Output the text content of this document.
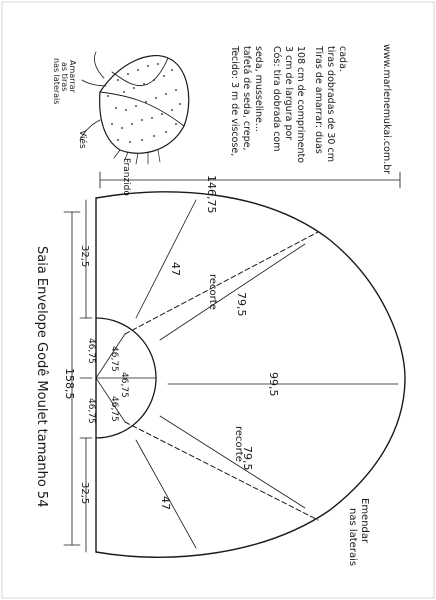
146,75
158,5
32,5
32,5
46,75
46,75
46,75
46,75
46,75
47
79,5
99,5
79,5
47
recorte
recorte
Saia Envelope Godê Moulet tamanho 54
Emendar
nas laterais
Amarrar
as tiras
nas laterais
Viés
Franzido
Tecido: 3 m de viscose, tafetá de seda, crepe, seda, musseline... Cós: tira dobrada com 3 cm de largura por 108 cm de comprimento Tiras de amarrar: duas tiras dobradas de 30 cm cada.	www.marlenemukai.com.br
